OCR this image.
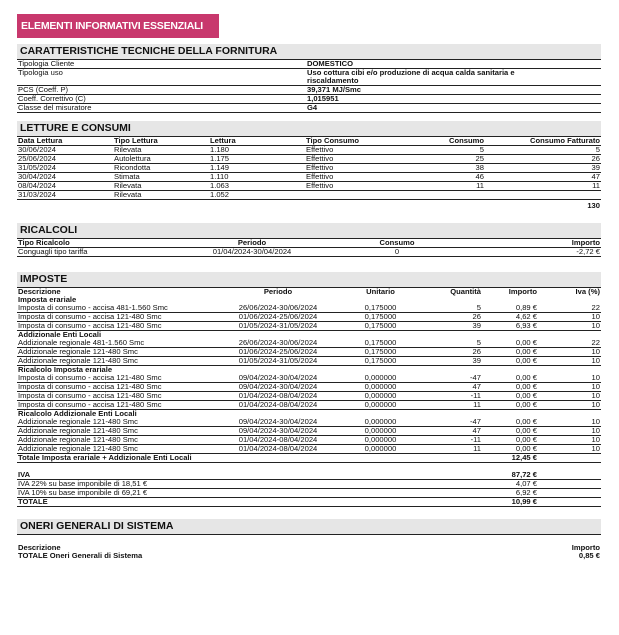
ELEMENTI INFORMATIVI ESSENZIALI
CARATTERISTICHE TECNICHE DELLA FORNITURA
Tipologia Cliente	DOMESTICO
Tipologia uso	Uso cottura cibi e/o produzione di acqua calda sanitaria e riscaldamento
PCS (Coeff. P)	39,371 MJ/Smc
Coeff. Correttivo (C)	1,015951
Classe del misuratore	G4
LETTURE E CONSUMI
Data Lettura	Tipo Lettura	Lettura	Tipo Consumo	Consumo	Consumo Fatturato
30/06/2024	Rilevata	1.180	Effettivo	5	5
25/06/2024	Autolettura	1.175	Effettivo	25	26
31/05/2024	Ricondotta	1.149	Effettivo	38	39
30/04/2024	Stimata	1.110	Effettivo	46	47
08/04/2024	Rilevata	1.063	Effettivo	11	11
31/03/2024	Rilevata	1.052			
					130
RICALCOLI
Tipo Ricalcolo	Periodo	Consumo	Importo
Conguagli tipo tariffa	01/04/2024-30/04/2024	0	-2,72 €
IMPOSTE
Descrizione	Periodo	Unitario	Quantità	Importo	Iva (%)
Imposta erariale					
Imposta di consumo - accisa 481-1.560 Smc	26/06/2024-30/06/2024	0,175000	5	0,89 €	22
Imposta di consumo - accisa 121-480 Smc	01/06/2024-25/06/2024	0,175000	26	4,62 €	10
Imposta di consumo - accisa 121-480 Smc	01/05/2024-31/05/2024	0,175000	39	6,93 €	10
Addizionale Enti Locali					
Addizionale regionale 481-1.560 Smc	26/06/2024-30/06/2024	0,175000	5	0,00 €	22
Addizionale regionale 121-480 Smc	01/06/2024-25/06/2024	0,175000	26	0,00 €	10
Addizionale regionale 121-480 Smc	01/05/2024-31/05/2024	0,175000	39	0,00 €	10
Ricalcolo Imposta erariale					
Imposta di consumo - accisa 121-480 Smc	09/04/2024-30/04/2024	0,000000	-47	0,00 €	10
Imposta di consumo - accisa 121-480 Smc	09/04/2024-30/04/2024	0,000000	47	0,00 €	10
Imposta di consumo - accisa 121-480 Smc	01/04/2024-08/04/2024	0,000000	-11	0,00 €	10
Imposta di consumo - accisa 121-480 Smc	01/04/2024-08/04/2024	0,000000	11	0,00 €	10
Ricalcolo Addizionale Enti Locali					
Addizionale regionale 121-480 Smc	09/04/2024-30/04/2024	0,000000	-47	0,00 €	10
Addizionale regionale 121-480 Smc	09/04/2024-30/04/2024	0,000000	47	0,00 €	10
Addizionale regionale 121-480 Smc	01/04/2024-08/04/2024	0,000000	-11	0,00 €	10
Addizionale regionale 121-480 Smc	01/04/2024-08/04/2024	0,000000	11	0,00 €	10
Totale Imposta erariale + Addizionale Enti Locali				12,45 €	

IVA				87,72 €	
IVA 22% su base imponibile di 18,51 €				4,07 €	
IVA 10% su base imponibile di 69,21 €				6,92 €	
TOTALE				10,99 €	
ONERI GENERALI DI SISTEMA
Descrizione	Importo
TOTALE Oneri Generali di Sistema	0,85 €
